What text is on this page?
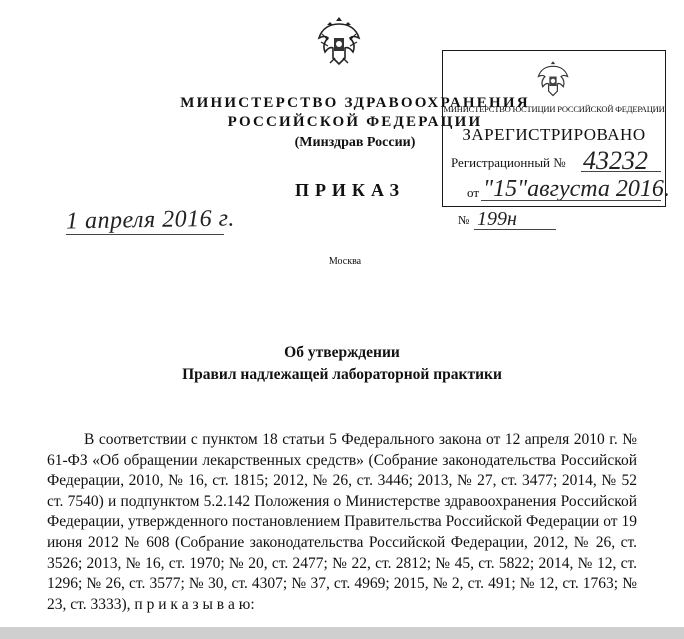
МИНИСТЕРСТВО ЗДРАВООХРАНЕНИЯ
РОССИЙСКОЙ ФЕДЕРАЦИИ
(Минздрав России)
ПРИКАЗ
1 апреля 2016 г.
Москва
МИНИСТЕРСТВО ЮСТИЦИИ РОССИЙСКОЙ ФЕДЕРАЦИИ
ЗАРЕГИСТРИРОВАНО
Регистрационный № 43232
от "15"августа 2016.
№ 199н
Об утверждении
Правил надлежащей лабораторной практики

В соответствии с пунктом 18 статьи 5 Федерального закона от 12 апреля 2010 г. № 61-ФЗ «Об обращении лекарственных средств» (Собрание законодательства Российской Федерации, 2010, № 16, ст. 1815; 2012, № 26, ст. 3446; 2013, № 27, ст. 3477; 2014, № 52 ст. 7540) и подпунктом 5.2.142 Положения о Министерстве здравоохранения Российской Федерации, утвержденного постановлением Правительства Российской Федерации от 19 июня 2012 № 608 (Собрание законодательства Российской Федерации, 2012, № 26, ст. 3526; 2013, № 16, ст. 1970; № 20, ст. 2477; № 22, ст. 2812; № 45, ст. 5822; 2014, № 12, ст. 1296; № 26, ст. 3577; № 30, ст. 4307; № 37, ст. 4969; 2015, № 2, ст. 491; № 12, ст. 1763; № 23, ст. 3333), п р и к а з ы в а ю:
